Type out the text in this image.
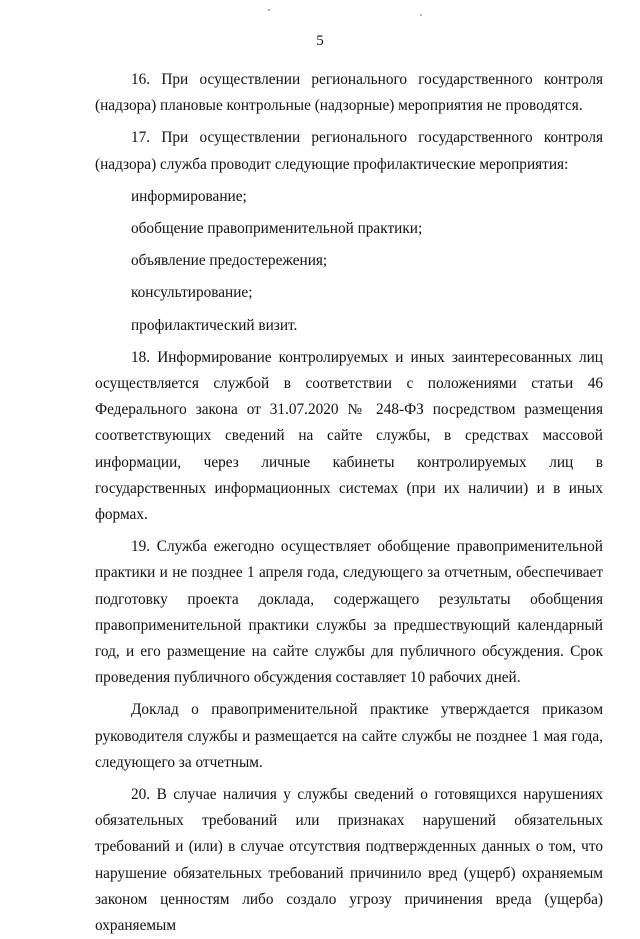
5

16. При осуществлении регионального государственного контроля (надзора) плановые контрольные (надзорные) мероприятия не проводятся.

17. При осуществлении регионального государственного контроля (надзора) служба проводит следующие профилактические мероприятия:

информирование;

обобщение правоприменительной практики;

объявление предостережения;

консультирование;

профилактический визит.

18. Информирование контролируемых и иных заинтересованных лиц осуществляется службой в соответствии с положениями статьи 46 Федерального закона от 31.07.2020 № 248-ФЗ посредством размещения соответствующих сведений на сайте службы, в средствах массовой информации, через личные кабинеты контролируемых лиц в государственных информационных системах (при их наличии) и в иных формах.

19. Служба ежегодно осуществляет обобщение правоприменительной практики и не позднее 1 апреля года, следующего за отчетным, обеспечивает подготовку проекта доклада, содержащего результаты обобщения правоприменительной практики службы за предшествующий календарный год, и его размещение на сайте службы для публичного обсуждения. Срок проведения публичного обсуждения составляет 10 рабочих дней.

Доклад о правоприменительной практике утверждается приказом руководителя службы и размещается на сайте службы не позднее 1 мая года, следующего за отчетным.

20. В случае наличия у службы сведений о готовящихся нарушениях обязательных требований или признаках нарушений обязательных требований и (или) в случае отсутствия подтвержденных данных о том, что нарушение обязательных требований причинило вред (ущерб) охраняемым законом ценностям либо создало угрозу причинения вреда (ущерба) охраняемым
